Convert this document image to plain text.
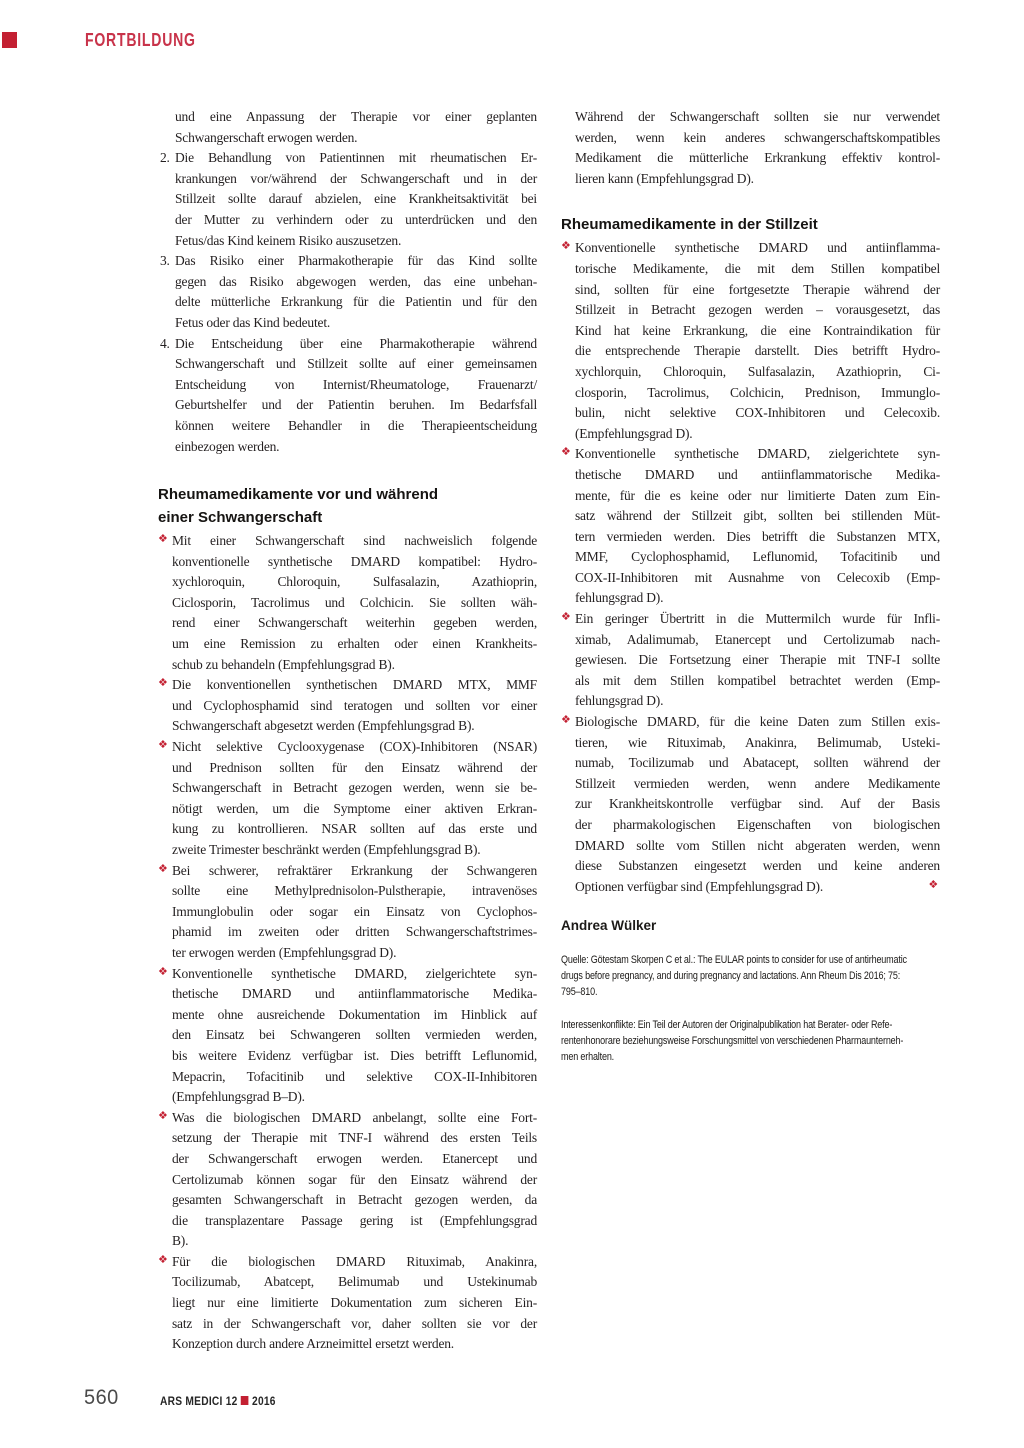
FORTBILDUNG
und eine Anpassung der Therapie vor einer geplanten
Schwangerschaft erwogen werden.
2. Die Behandlung von Patientinnen mit rheumatischen Er-
krankungen vor/während der Schwangerschaft und in der
Stillzeit sollte darauf abzielen, eine Krankheitsaktivität bei
der Mutter zu verhindern oder zu unterdrücken und den
Fetus/das Kind keinem Risiko auszusetzen.
3. Das Risiko einer Pharmakotherapie für das Kind sollte
gegen das Risiko abgewogen werden, das eine unbehan-
delte mütterliche Erkrankung für die Patientin und für den
Fetus oder das Kind bedeutet.
4. Die Entscheidung über eine Pharmakotherapie während
Schwangerschaft und Stillzeit sollte auf einer gemeinsamen
Entscheidung von Internist/Rheumatologe, Frauenarzt/
Geburtshelfer und der Patientin beruhen. Im Bedarfsfall
können weitere Behandler in die Therapieentscheidung
einbezogen werden.
Rheumamedikamente vor und während
einer Schwangerschaft
❖ Mit einer Schwangerschaft sind nachweislich folgende
konventionelle synthetische DMARD kompatibel: Hydro-
xychloroquin, Chloroquin, Sulfasalazin, Azathioprin,
Ciclosporin, Tacrolimus und Colchicin. Sie sollten wäh-
rend einer Schwangerschaft weiterhin gegeben werden,
um eine Remission zu erhalten oder einen Krankheits-
schub zu behandeln (Empfehlungsgrad B).
❖ Die konventionellen synthetischen DMARD MTX, MMF
und Cyclophosphamid sind teratogen und sollten vor einer
Schwangerschaft abgesetzt werden (Empfehlungsgrad B).
❖ Nicht selektive Cyclooxygenase (COX)-Inhibitoren (NSAR)
und Prednison sollten für den Einsatz während der
Schwangerschaft in Betracht gezogen werden, wenn sie be-
nötigt werden, um die Symptome einer aktiven Erkran-
kung zu kontrollieren. NSAR sollten auf das erste und
zweite Trimester beschränkt werden (Empfehlungsgrad B).
❖ Bei schwerer, refraktärer Erkrankung der Schwangeren
sollte eine Methylprednisolon-Pulstherapie, intravenöses
Immunglobulin oder sogar ein Einsatz von Cyclophos-
phamid im zweiten oder dritten Schwangerschaftstrimes-
ter erwogen werden (Empfehlungsgrad D).
❖ Konventionelle synthetische DMARD, zielgerichtete syn-
thetische DMARD und antiinflammatorische Medika-
mente ohne ausreichende Dokumentation im Hinblick auf
den Einsatz bei Schwangeren sollten vermieden werden,
bis weitere Evidenz verfügbar ist. Dies betrifft Leflunomid,
Mepacrin, Tofacitinib und selektive COX-II-Inhibitoren
(Empfehlungsgrad B–D).
❖ Was die biologischen DMARD anbelangt, sollte eine Fort-
setzung der Therapie mit TNF-I während des ersten Teils
der Schwangerschaft erwogen werden. Etanercept und
Certolizumab können sogar für den Einsatz während der
gesamten Schwangerschaft in Betracht gezogen werden, da
die transplazentare Passage gering ist (Empfehlungsgrad
B).
❖ Für die biologischen DMARD Rituximab, Anakinra,
Tocilizumab, Abatcept, Belimumab und Ustekinumab
liegt nur eine limitierte Dokumentation zum sicheren Ein-
satz in der Schwangerschaft vor, daher sollten sie vor der
Konzeption durch andere Arzneimittel ersetzt werden.
Während der Schwangerschaft sollten sie nur verwendet
werden, wenn kein anderes schwangerschaftskompatibles
Medikament die mütterliche Erkrankung effektiv kontrol-
lieren kann (Empfehlungsgrad D).
Rheumamedikamente in der Stillzeit
❖ Konventionelle synthetische DMARD und antiinflamma-
torische Medikamente, die mit dem Stillen kompatibel
sind, sollten für eine fortgesetzte Therapie während der
Stillzeit in Betracht gezogen werden – vorausgesetzt, das
Kind hat keine Erkrankung, die eine Kontraindikation für
die entsprechende Therapie darstellt. Dies betrifft Hydro-
xychlorquin, Chloroquin, Sulfasalazin, Azathioprin, Ci-
closporin, Tacrolimus, Colchicin, Prednison, Immunglo-
bulin, nicht selektive COX-Inhibitoren und Celecoxib.
(Empfehlungsgrad D).
❖ Konventionelle synthetische DMARD, zielgerichtete syn-
thetische DMARD und antiinflammatorische Medika-
mente, für die es keine oder nur limitierte Daten zum Ein-
satz während der Stillzeit gibt, sollten bei stillenden Müt-
tern vermieden werden. Dies betrifft die Substanzen MTX,
MMF, Cyclophosphamid, Leflunomid, Tofacitinib und
COX-II-Inhibitoren mit Ausnahme von Celecoxib (Emp-
fehlungsgrad D).
❖ Ein geringer Übertritt in die Muttermilch wurde für Infli-
ximab, Adalimumab, Etanercept und Certolizumab nach-
gewiesen. Die Fortsetzung einer Therapie mit TNF-I sollte
als mit dem Stillen kompatibel betrachtet werden (Emp-
fehlungsgrad D).
❖ Biologische DMARD, für die keine Daten zum Stillen exis-
tieren, wie Rituximab, Anakinra, Belimumab, Usteki-
numab, Tocilizumab und Abatacept, sollten während der
Stillzeit vermieden werden, wenn andere Medikamente
zur Krankheitskontrolle verfügbar sind. Auf der Basis
der pharmakologischen Eigenschaften von biologischen
DMARD sollte vom Stillen nicht abgeraten werden, wenn
diese Substanzen eingesetzt werden und keine anderen
Optionen verfügbar sind (Empfehlungsgrad D).	❖
Andrea Wülker
Quelle: Götestam Skorpen C et al.: The EULAR points to consider for use of antirheumatic
drugs before pregnancy, and during pregnancy and lactations. Ann Rheum Dis 2016; 75:
795–810.
Interessenkonflikte: Ein Teil der Autoren der Originalpublikation hat Berater- oder Refe-
rentenhonorare beziehungsweise Forschungsmittel von verschiedenen Pharmaunterneh-
men erhalten.
560	ARS MEDICI 12 2016
